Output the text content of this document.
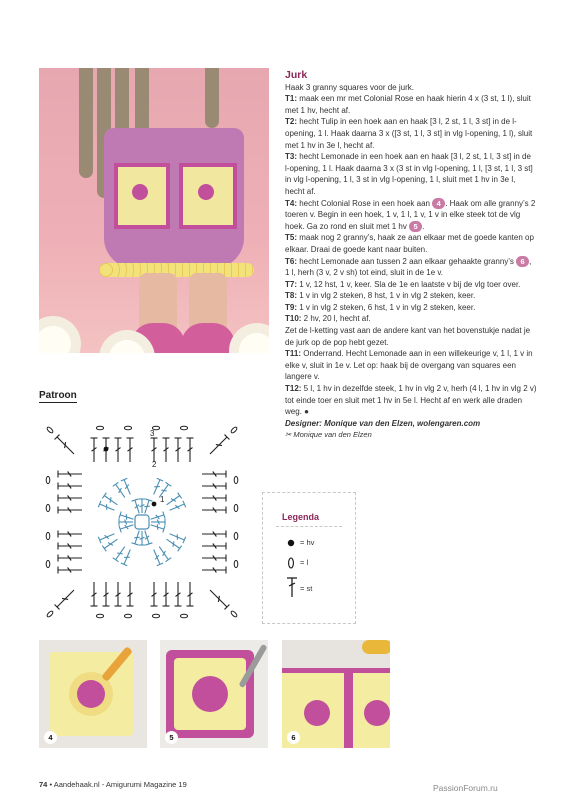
Jurk

Haak 3 granny squares voor de jurk.

T1: maak een mr met Colonial Rose en haak hierin 4 x (3 st, 1 l), sluit met 1 hv, hecht af.

T2: hecht Tulip in een hoek aan en haak [3 l, 2 st, 1 l, 3 st] in de l-opening, 1 l. Haak daarna 3 x ([3 st, 1 l, 3 st] in vlg l-opening, 1 l), sluit met 1 hv in 3e l, hecht af.

T3: hecht Lemonade in een hoek aan en haak [3 l, 2 st, 1 l, 3 st] in de l-opening, 1 l. Haak daarna 3 x (3 st in vlg l-opening, 1 l, [3 st, 1 l, 3 st] in vlg l-opening, 1 l, 3 st in vlg l-opening, 1 l, sluit met 1 hv in 3e l, hecht af.

T4: hecht Colonial Rose in een hoek aan 4 . Haak om alle granny’s 2 toeren v. Begin in een hoek, 1 v, 1 l, 1 v, 1 v in elke steek tot de vlg hoek. Ga zo rond en sluit met 1 hv 5 .

T5: maak nog 2 granny’s, haak ze aan elkaar met de goede kanten op elkaar. Draai de goede kant naar buiten.

T6: hecht Lemonade aan tussen 2 aan elkaar gehaakte granny’s 6 , 1 l, herh (3 v, 2 v sh) tot eind, sluit in de 1e v.

T7: 1 v, 12 hst, 1 v, keer. Sla de 1e en laatste v bij de vlg toer over.

T8: 1 v in vlg 2 steken, 8 hst, 1 v in vlg 2 steken, keer.

T9: 1 v in vlg 2 steken, 6 hst, 1 v in vlg 2 steken, keer.

T10: 2 hv, 20 l, hecht af.

Zet de l-ketting vast aan de andere kant van het bovenstukje nadat je de jurk op de pop hebt gezet.

T11: Onderrand. Hecht Lemonade aan in een willekeurige v, 1 l, 1 v in elke v, sluit in 1e v. Let op: haak bij de overgang van squares een langere v.

T12: 5 l, 1 hv in dezelfde steek, 1 hv in vlg 2 v, herh (4 l, 1 hv in vlg 2 v) tot einde toer en sluit met 1 hv in 5e l. Hecht af en werk alle draden weg. ●

Designer: Monique van den Elzen, wolengaren.com

✂ Monique van den Elzen

Patroon
1
2
3
Legenda
= hv
= l
= st
4	5	6
74 • Aandehaak.nl - Amigurumi Magazine 19	PassionForum.ru
